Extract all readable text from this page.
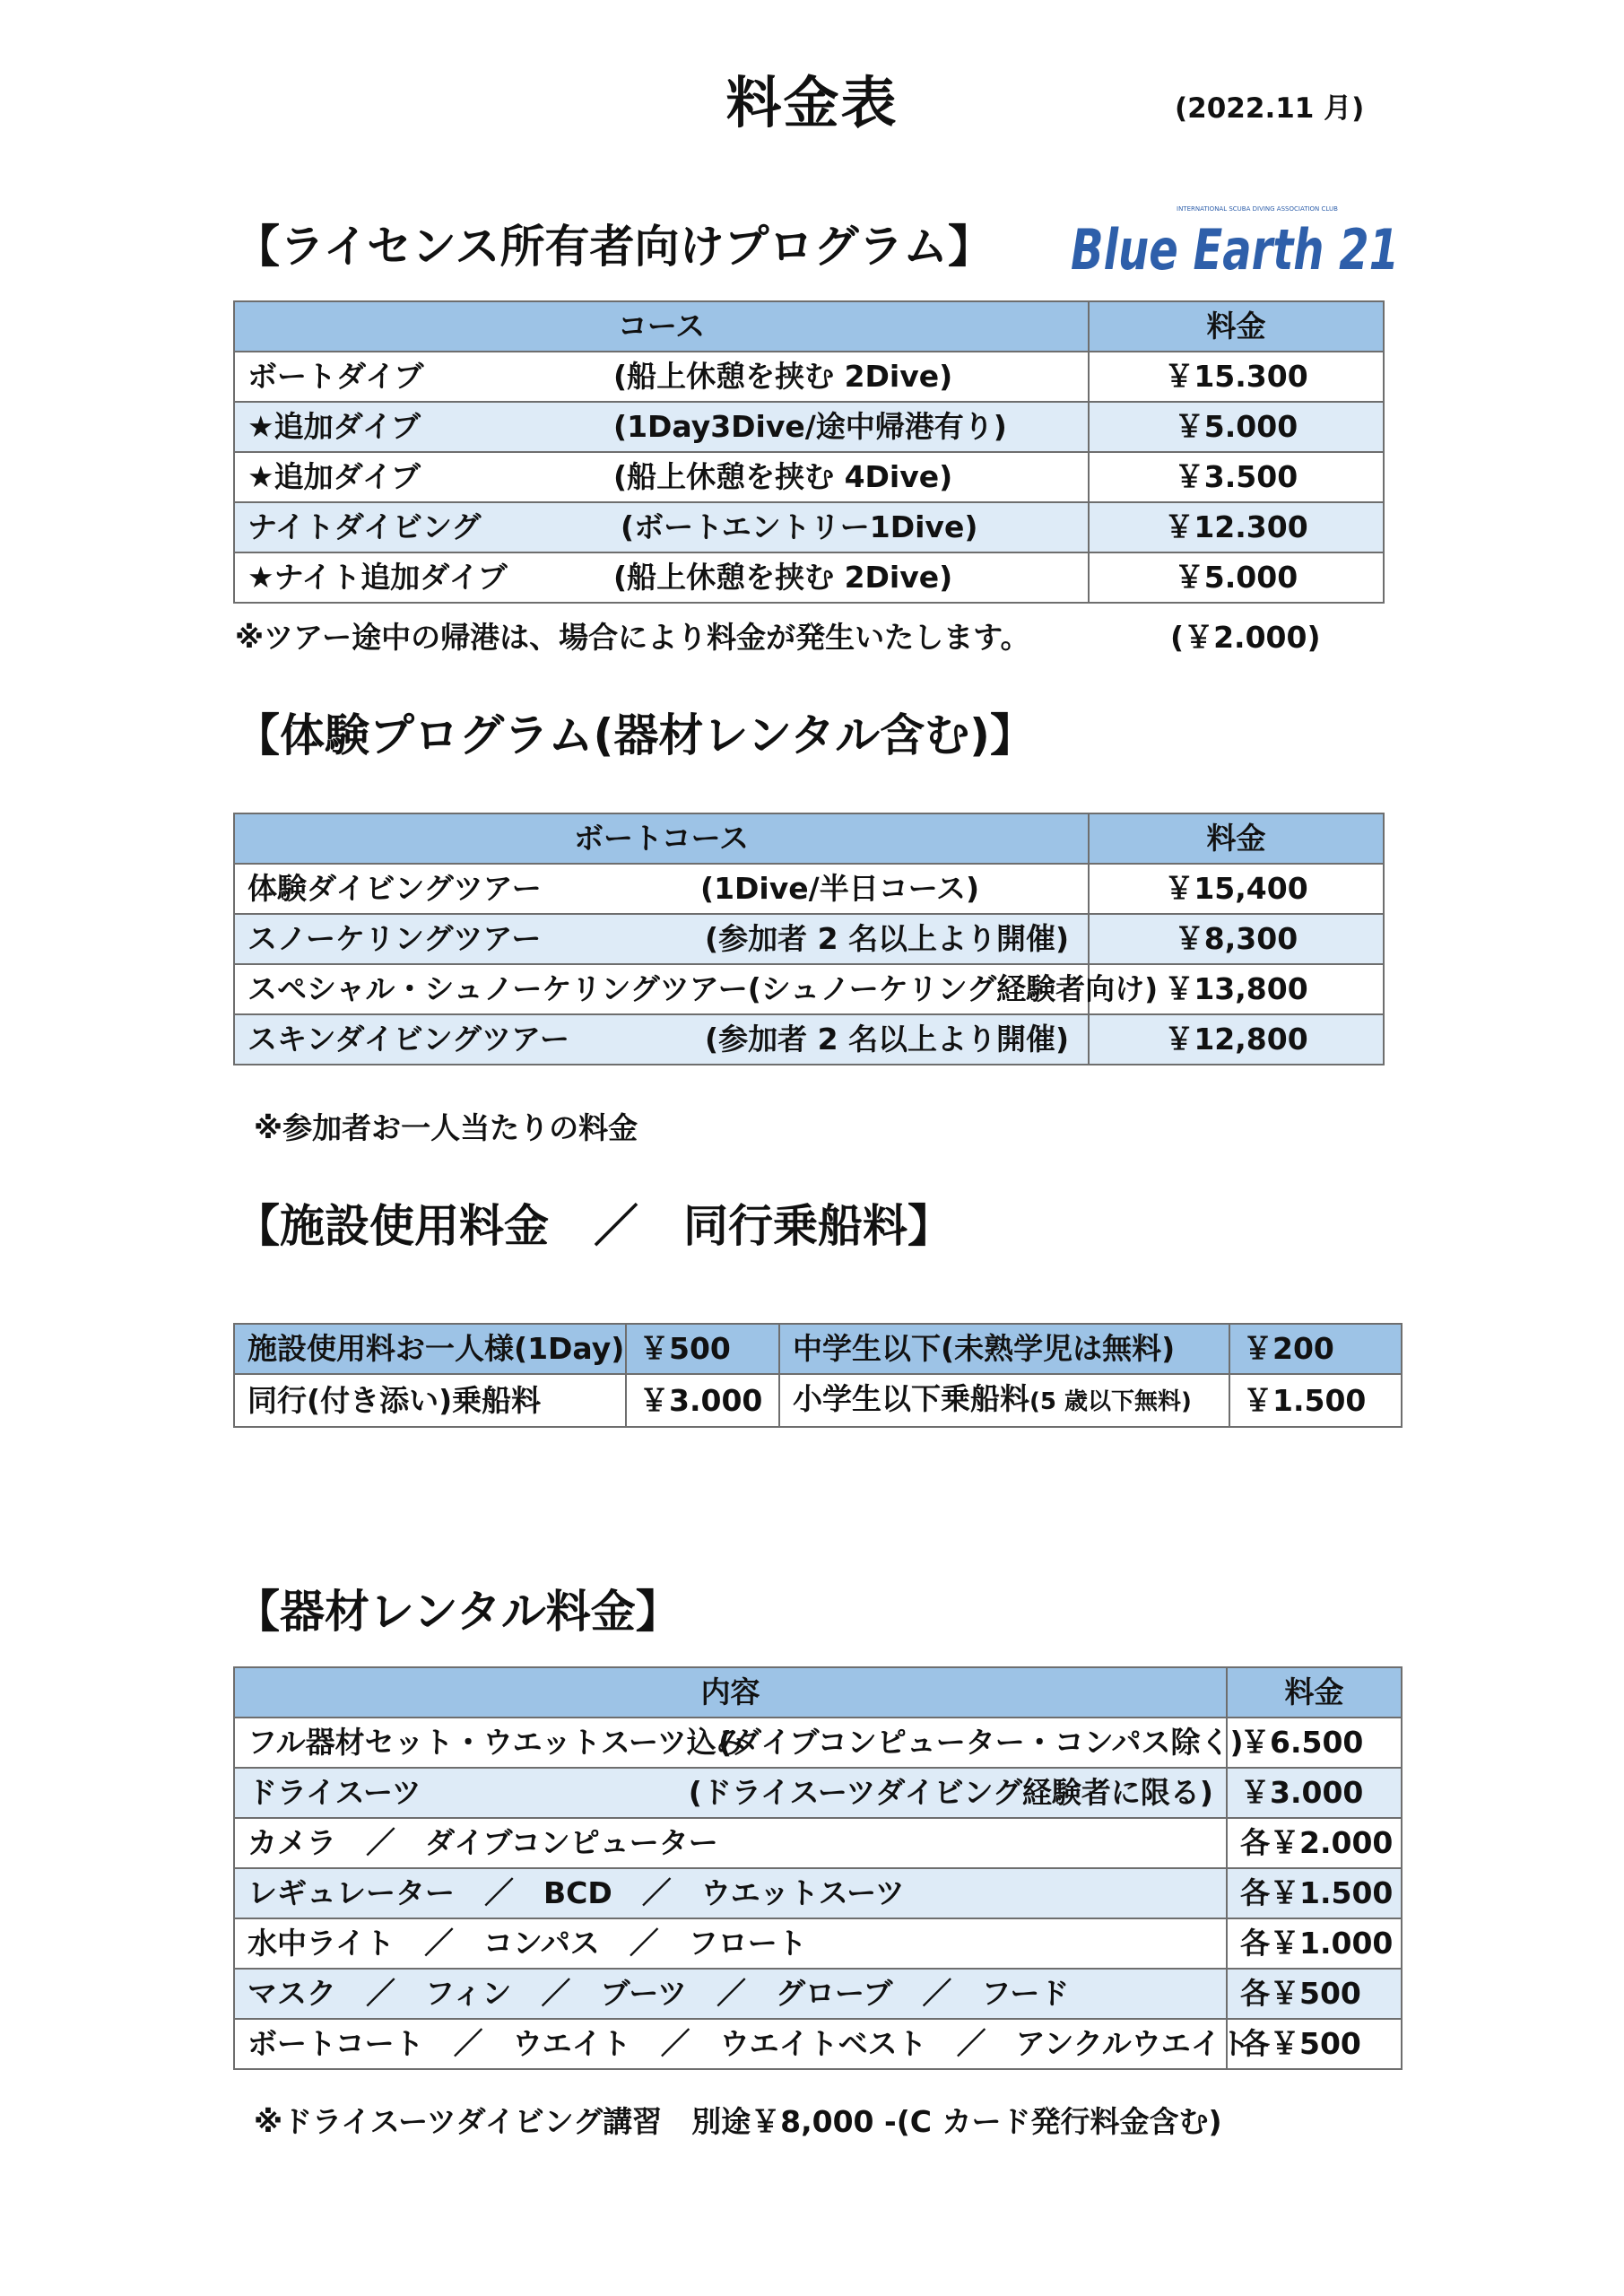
料金表	(2022.11 月)
【ライセンス所有者向けプログラム】
INTERNATIONAL SCUBA DIVING ASSOCIATION CLUB
Blue Earth 21
コース	料金

ボートダイブ (船上休憩を挟む 2Dive)	￥15.300

★追加ダイブ (1Day3Dive/途中帰港有り)	￥5.000

★追加ダイブ (船上休憩を挟む 4Dive)	￥3.500

ナイトダイビング (ボートエントリー1Dive)	￥12.300

★ナイト追加ダイブ (船上休憩を挟む 2Dive)	￥5.000
※ツアー途中の帰港は、場合により料金が発生いたします。	(￥2.000)
【体験プログラム(器材レンタル含む)】
ボートコース	料金

体験ダイビングツアー (1Dive/半日コース)	￥15,400

スノーケリングツアー (参加者 2 名以上より開催)	￥8,300

スペシャル・シュノーケリングツアー (シュノーケリング経験者向け)	￥13,800

スキンダイビングツアー (参加者 2 名以上より開催)	￥12,800
※参加者お一人当たりの料金
【施設使用料金　／　同行乗船料】
施設使用料お一人様(1Day)	￥500	中学生以下(未熟学児は無料)	￥200
同行(付き添い)乗船料	￥3.000	小学生以下乗船料(5 歳以下無料)	￥1.500
【器材レンタル料金】
内容	料金

フル器材セット・ウエットスーツ込み
(ダイブコンピューター・コンパス除く)	￥6.500

ドライスーツ (ドライスーツダイビング経験者に限る)	￥3.000
カメラ　／　ダイブコンピューター	各￥2.000
レギュレーター　／　BCD　／　ウエットスーツ	各￥1.500
水中ライト　／　コンパス　／　フロート	各￥1.000
マスク　／　フィン　／　ブーツ　／　グローブ　／　フード	各￥500
ボートコート　／　ウエイト　／　ウエイトベスト　／　アンクルウエイト	各￥500
※ドライスーツダイビング講習　別途￥8,000 -(C カード発行料金含む)
